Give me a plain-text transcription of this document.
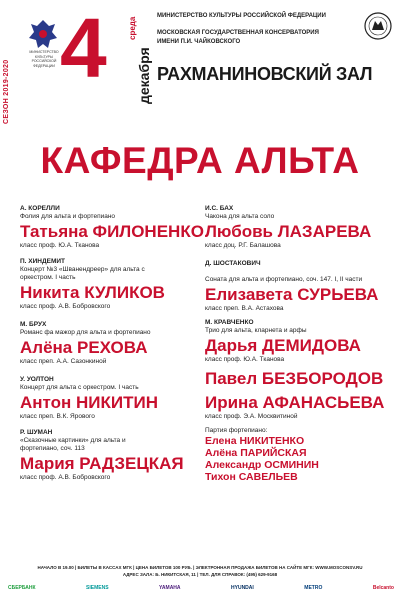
СЕЗОН 2019-2020
МИНИСТЕРСТВО КУЛЬТУРЫ РОССИЙСКОЙ ФЕДЕРАЦИИ 4	среда
декабря
МИНИСТЕРСТВО КУЛЬТУРЫ РОССИЙСКОЙ ФЕДЕРАЦИИ
МОСКОВСКАЯ ГОСУДАРСТВЕННАЯ КОНСЕРВАТОРИЯ
ИМЕНИ П.И. ЧАЙКОВСКОГО
РАХМАНИНОВСКИЙ ЗАЛ
КАФЕДРА АЛЬТА
А. КОРЕЛЛИ
Фолия для альта и фортепиано
Татьяна ФИЛОНЕНКО
класс проф. Ю.А. Тканова
П. ХИНДЕМИТ
Концерт №3 «Шванендреер» для альта с оркестром. I часть
Никита КУЛИКОВ
класс проф. А.В. Бобровского
М. БРУХ
Романс фа мажор для альта и фортепиано
Алёна РЕХОВА
класс преп. А.А. Сазонкиной
У. УОЛТОН
Концерт для альта с оркестром. I часть
Антон НИКИТИН
класс преп. В.К. Ярового
Р. ШУМАН
«Сказочные картинки» для альта и фортепиано, соч. 113
Мария РАДЗЕЦКАЯ
класс проф. А.В. Бобровского
И.С. БАХ
Чакона для альта соло
Любовь ЛАЗАРЕВА
класс доц. Р.Г. Балашова
Д. ШОСТАКОВИЧ
Соната для альта и фортепиано, соч. 147. I, II части
Елизавета СУРЬЕВА
класс преп. В.А. Астахова
М. КРАВЧЕНКО
Трио для альта, кларнета и арфы
Дарья ДЕМИДОВА
класс проф. Ю.А. Тканова
Павел БЕЗБОРОДОВ
Ирина АФАНАСЬЕВА
класс проф. Э.А. Москвитиной
Партия фортепиано:
Елена НИКИТЕНКО
Алёна ПАРИЙСКАЯ
Александр ОСМИНИН
Тихон САВЕЛЬЕВ
НАЧАЛО В 19.00 | БИЛЕТЫ В КАССАХ МГК | ЦЕНА БИЛЕТОВ 100 РУБ. | ЭЛЕКТРОННАЯ ПРОДАЖА БИЛЕТОВ НА САЙТЕ МГК: WWW.MOSCONSV.RU
АДРЕС ЗАЛА: Б. НИКИТСКАЯ, 11 | ТЕЛ. ДЛЯ СПРАВОК: (495) 629-9168
СБЕРБАНК	SIEMENS	YAMAHA	HYUNDAI	METRO	Belcanto
